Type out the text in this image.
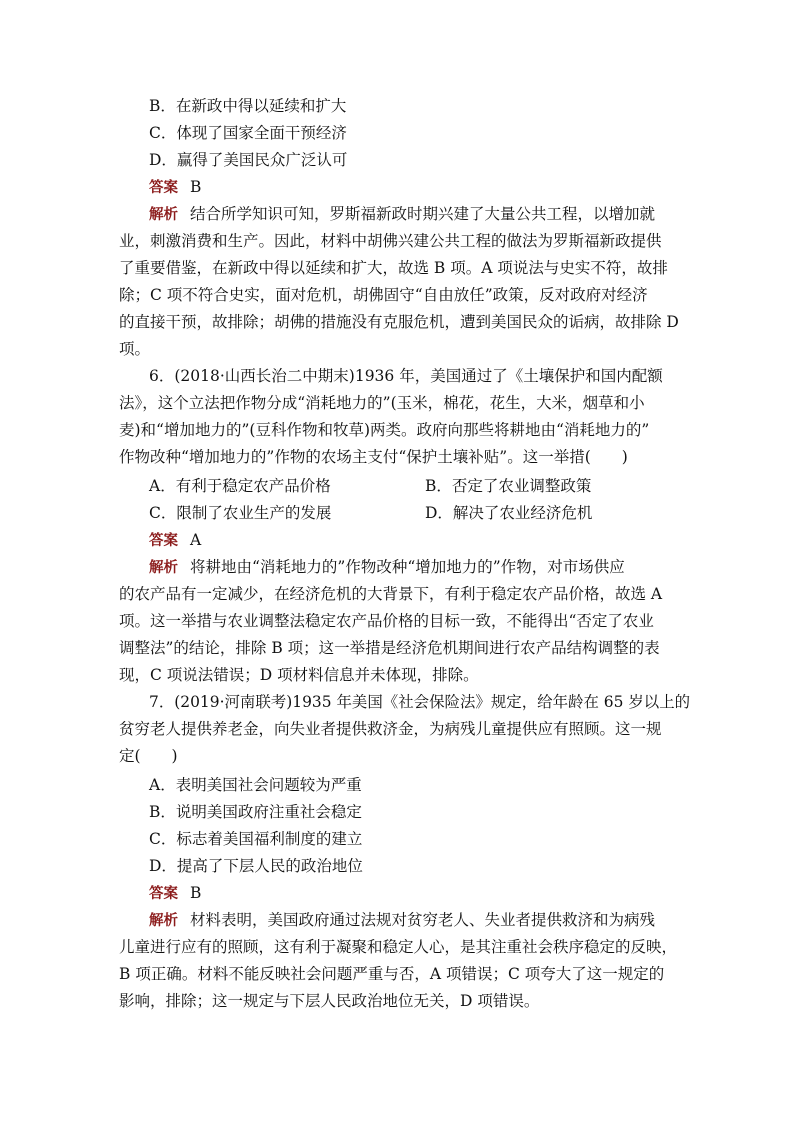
B．在新政中得以延续和扩大
C．体现了国家全面干预经济
D．赢得了美国民众广泛认可
答案 B
解析 结合所学知识可知，罗斯福新政时期兴建了大量公共工程，以增加就
业，刺激消费和生产。因此，材料中胡佛兴建公共工程的做法为罗斯福新政提供
了重要借鉴，在新政中得以延续和扩大，故选 B 项。A 项说法与史实不符，故排
除；C 项不符合史实，面对危机，胡佛固守“自由放任”政策，反对政府对经济
的直接干预，故排除；胡佛的措施没有克服危机，遭到美国民众的诟病，故排除 D
项。
6．(2018·山西长治二中期末)1936 年，美国通过了《土壤保护和国内配额
法》，这个立法把作物分成“消耗地力的”(玉米，棉花，花生，大米，烟草和小
麦)和“增加地力的”(豆科作物和牧草)两类。政府向那些将耕地由“消耗地力的”
作物改种“增加地力的”作物的农场主支付“保护土壤补贴”。这一举措(　　)
A．有利于稳定农产品价格	B．否定了农业调整政策
C．限制了农业生产的发展	D．解决了农业经济危机
答案 A
解析 将耕地由“消耗地力的”作物改种“增加地力的”作物，对市场供应
的农产品有一定减少，在经济危机的大背景下，有利于稳定农产品价格，故选 A
项。这一举措与农业调整法稳定农产品价格的目标一致，不能得出“否定了农业
调整法”的结论，排除 B 项；这一举措是经济危机期间进行农产品结构调整的表
现，C 项说法错误；D 项材料信息并未体现，排除。
7．(2019·河南联考)1935 年美国《社会保险法》规定，给年龄在 65 岁以上的
贫穷老人提供养老金，向失业者提供救济金，为病残儿童提供应有照顾。这一规
定(　　)
A．表明美国社会问题较为严重
B．说明美国政府注重社会稳定
C．标志着美国福利制度的建立
D．提高了下层人民的政治地位
答案 B
解析 材料表明，美国政府通过法规对贫穷老人、失业者提供救济和为病残
儿童进行应有的照顾，这有利于凝聚和稳定人心，是其注重社会秩序稳定的反映，
B 项正确。材料不能反映社会问题严重与否，A 项错误；C 项夸大了这一规定的
影响，排除；这一规定与下层人民政治地位无关，D 项错误。
